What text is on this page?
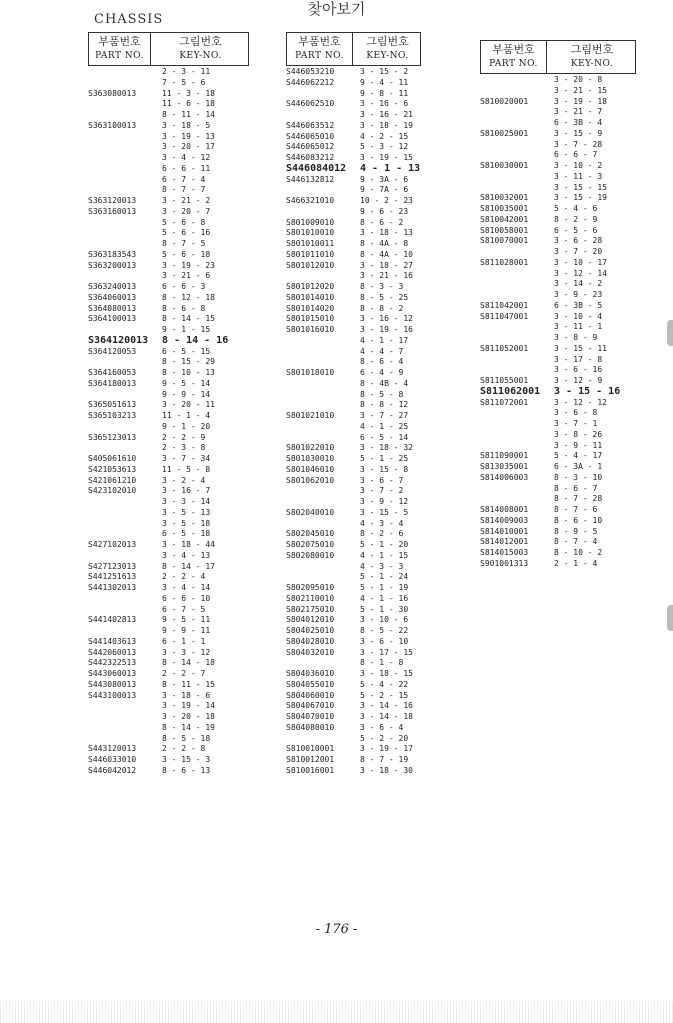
찾아보기
CHASSIS
부품번호
PART NO.
그림번호
KEY-NO.
2 - 3 - 11
7 - 5 - 6
S363080013	11 - 3 - 18
11 - 6 - 18
8 - 11 - 14
S363100013	3 - 18 - 5
3 - 19 - 13
3 - 20 - 17
3 - 4 - 12
6 - 6 - 11
6 - 7 - 4
8 - 7 - 7
S363120013	3 - 21 - 2
S363160013	3 - 20 - 7
5 - 6 - 8
5 - 6 - 16
8 - 7 - 5
S363183543	5 - 6 - 18
S363200013	3 - 19 - 23
3 - 21 - 6
S363240013	6 - 6 - 3
S364060013	8 - 12 - 18
S364080013	8 - 6 - 8
S364100013	8 - 14 - 15
9 - 1 - 15
S364120013	8 - 14 - 16
S364120053	6 - 5 - 15
8 - 15 - 29
S364160053	8 - 10 - 13
S364180013	9 - 5 - 14
9 - 9 - 14
S365051613	3 - 20 - 11
S365103213	11 - 1 - 4
9 - 1 - 20
S365123013	2 - 2 - 9
2 - 3 - 8
S405061610	3 - 7 - 34
S421053613	11 - 5 - 8
S421061210	3 - 2 - 4
S423102010	3 - 16 - 7
3 - 3 - 14
3 - 5 - 13
3 - 5 - 18
6 - 5 - 18
S427102013	3 - 18 - 44
3 - 4 - 13
S427123013	8 - 14 - 17
S441251613	2 - 2 - 4
S441302013	3 - 4 - 14
6 - 6 - 10
6 - 7 - 5
S441402813	9 - 5 - 11
9 - 9 - 11
S441403613	6 - 1 - 1
S442060013	3 - 3 - 12
S442322513	8 - 14 - 18
S443060013	2 - 2 - 7
S443080013	8 - 11 - 15
S443100013	3 - 18 - 6
3 - 19 - 14
3 - 20 - 18
8 - 14 - 19
8 - 5 - 18
S443120013	2 - 2 - 8
S446033010	3 - 15 - 3
S446042012	8 - 6 - 13
부품번호
PART NO.
그림번호
KEY-NO.
S446053210	3 - 15 - 2
S446062212	9 - 4 - 11
9 - 8 - 11
S446062510	3 - 16 - 6
3 - 16 - 21
S446063512	3 - 18 - 19
S446065010	4 - 2 - 15
S446065012	5 - 3 - 12
S446083212	3 - 19 - 15
S446084012	4 - 1 - 13
S446132812	9 - 3A - 6
9 - 7A - 6
S466321010	10 - 2 - 23
9 - 6 - 23
S801009010	8 - 6 - 2
S801010010	3 - 18 - 13
S801010011	8 - 4A - 8
S801011010	8 - 4A - 10
S801012010	3 - 18 - 27
3 - 21 - 16
S801012020	8 - 3 - 3
S801014010	8 - 5 - 25
S801014020	8 - 8 - 2
S801015010	3 - 16 - 12
S801016010	3 - 19 - 16
4 - 1 - 17
4 - 4 - 7
8 - 6 - 4
S801018010	6 - 4 - 9
8 - 4B - 4
8 - 5 - 8
8 - 8 - 12
S801021010	3 - 7 - 27
4 - 1 - 25
6 - 5 - 14
S801022010	3 - 18 - 32
S801030010	5 - 1 - 25
S801046010	3 - 15 - 8
S801062010	3 - 6 - 7
3 - 7 - 2
3 - 9 - 12
S802040010	3 - 15 - 5
4 - 3 - 4
S802045010	8 - 2 - 6
S802075010	5 - 1 - 20
S802080010	4 - 1 - 15
4 - 3 - 3
5 - 1 - 24
S802095010	5 - 1 - 19
S802110010	4 - 1 - 16
S802175010	5 - 1 - 30
S804012010	3 - 10 - 6
S804025010	8 - 5 - 22
S804028010	3 - 6 - 10
S804032010	3 - 17 - 15
8 - 1 - 8
S804036010	3 - 18 - 15
S804055010	5 - 4 - 22
S804060010	5 - 2 - 15
S804067010	3 - 14 - 16
S804070010	3 - 14 - 18
S804080010	3 - 6 - 4
5 - 2 - 20
S810010001	3 - 19 - 17
S810012001	8 - 7 - 19
S810016001	3 - 18 - 30
부품번호
PART NO.
그림번호
KEY-NO.
3 - 20 - 8
3 - 21 - 15
S810020001	3 - 19 - 18
3 - 21 - 7
6 - 3B - 4
S810025001	3 - 15 - 9
3 - 7 - 28
6 - 6 - 7
S810030001	3 - 10 - 2
3 - 11 - 3
3 - 15 - 15
S810032001	3 - 15 - 19
S810035001	5 - 4 - 6
S810042001	8 - 2 - 9
S810058001	6 - 5 - 6
S810070001	3 - 6 - 28
3 - 7 - 20
S811028001	3 - 10 - 17
3 - 12 - 14
3 - 14 - 2
3 - 9 - 23
S811042001	6 - 3B - 5
S811047001	3 - 10 - 4
3 - 11 - 1
3 - 8 - 9
S811052001	3 - 15 - 11
3 - 17 - 8
3 - 6 - 16
S811055001	3 - 12 - 9
S811062001	3 - 15 - 16
S811072001	3 - 12 - 12
3 - 6 - 8
3 - 7 - 1
3 - 8 - 26
3 - 9 - 11
S811090001	5 - 4 - 17
S813035001	6 - 3A - 1
S814006003	8 - 3 - 10
8 - 6 - 7
8 - 7 - 28
S814008001	8 - 7 - 6
S814009003	8 - 6 - 10
S814010001	8 - 9 - 5
S814012001	8 - 7 - 4
S814015003	8 - 10 - 2
S901001313	2 - 1 - 4
- 176 -
